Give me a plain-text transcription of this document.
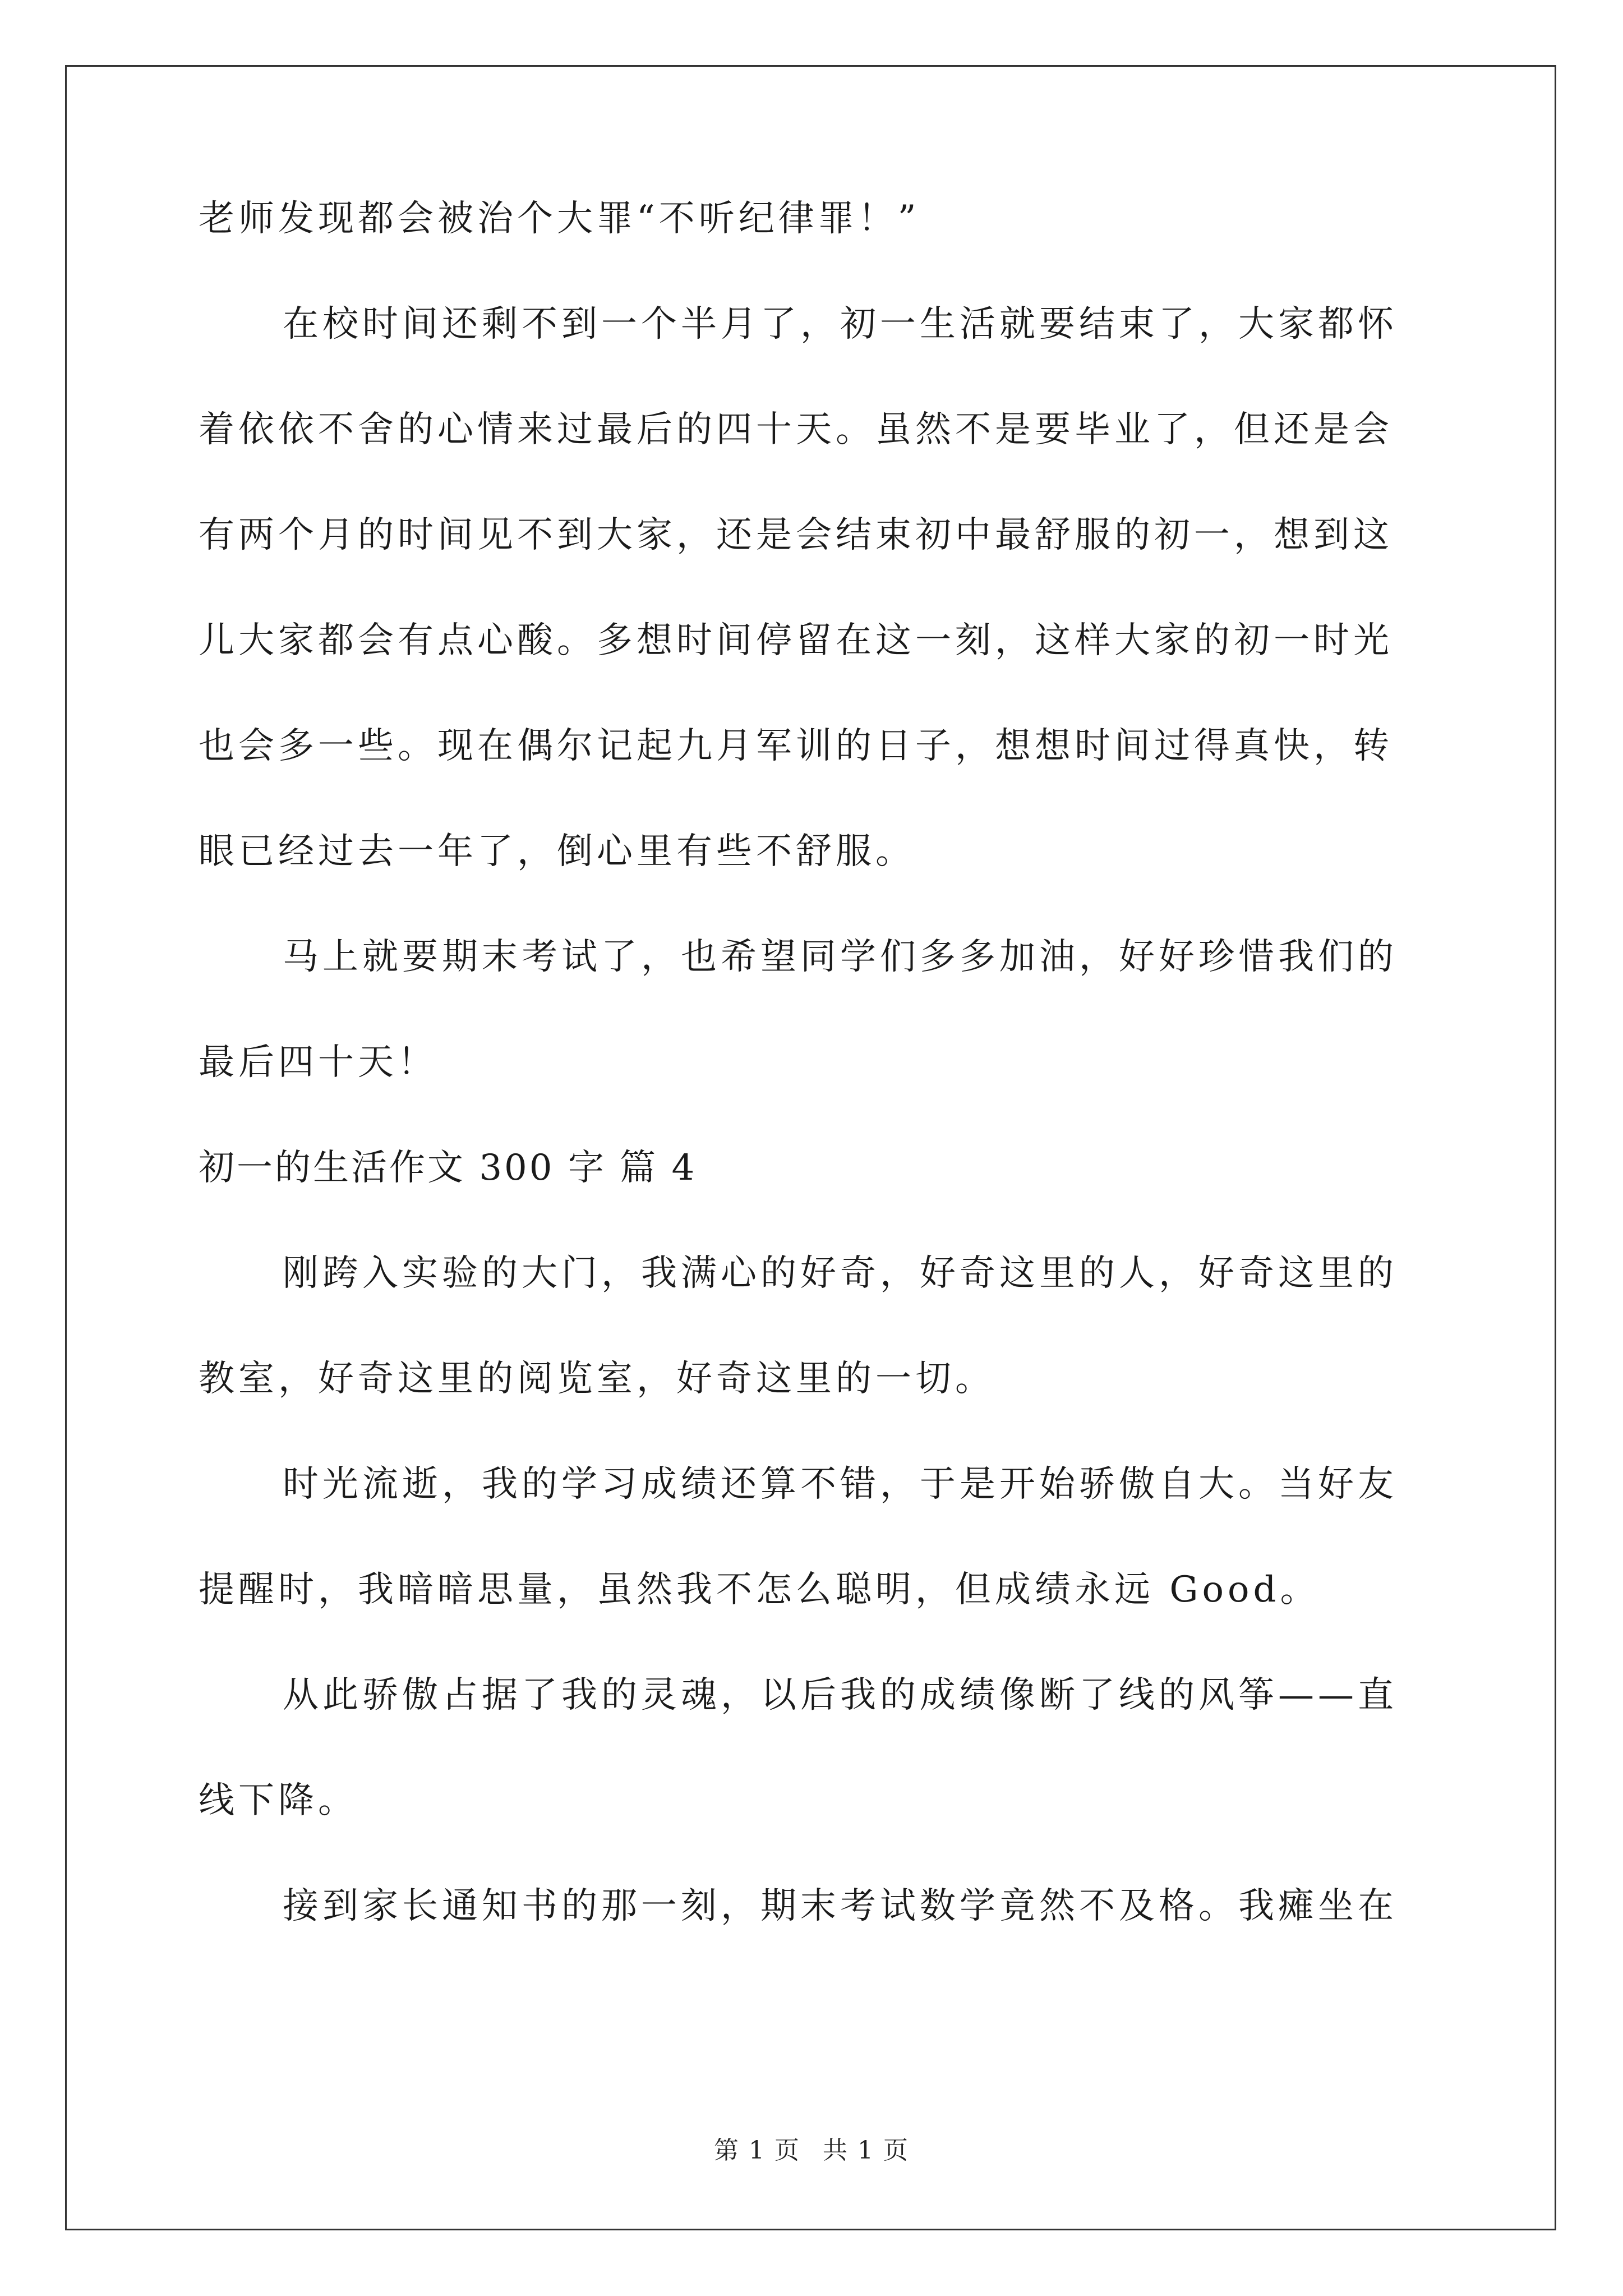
老师发现都会被治个大罪“不听纪律罪！”
在校时间还剩不到一个半月了，初一生活就要结束了，大家都怀
着依依不舍的心情来过最后的四十天。虽然不是要毕业了，但还是会
有两个月的时间见不到大家，还是会结束初中最舒服的初一，想到这
儿大家都会有点心酸。多想时间停留在这一刻，这样大家的初一时光
也会多一些。现在偶尔记起九月军训的日子，想想时间过得真快，转
眼已经过去一年了，倒心里有些不舒服。
马上就要期末考试了，也希望同学们多多加油，好好珍惜我们的
最后四十天！
初一的生活作文 300 字 篇 4
刚跨入实验的大门，我满心的好奇，好奇这里的人，好奇这里的
教室，好奇这里的阅览室，好奇这里的一切。
时光流逝，我的学习成绩还算不错，于是开始骄傲自大。当好友
提醒时，我暗暗思量，虽然我不怎么聪明，但成绩永远 Good。
从此骄傲占据了我的灵魂，以后我的成绩像断了线的风筝——直
线下降。
接到家长通知书的那一刻，期末考试数学竟然不及格。我瘫坐在
第 1 页 共 1 页
